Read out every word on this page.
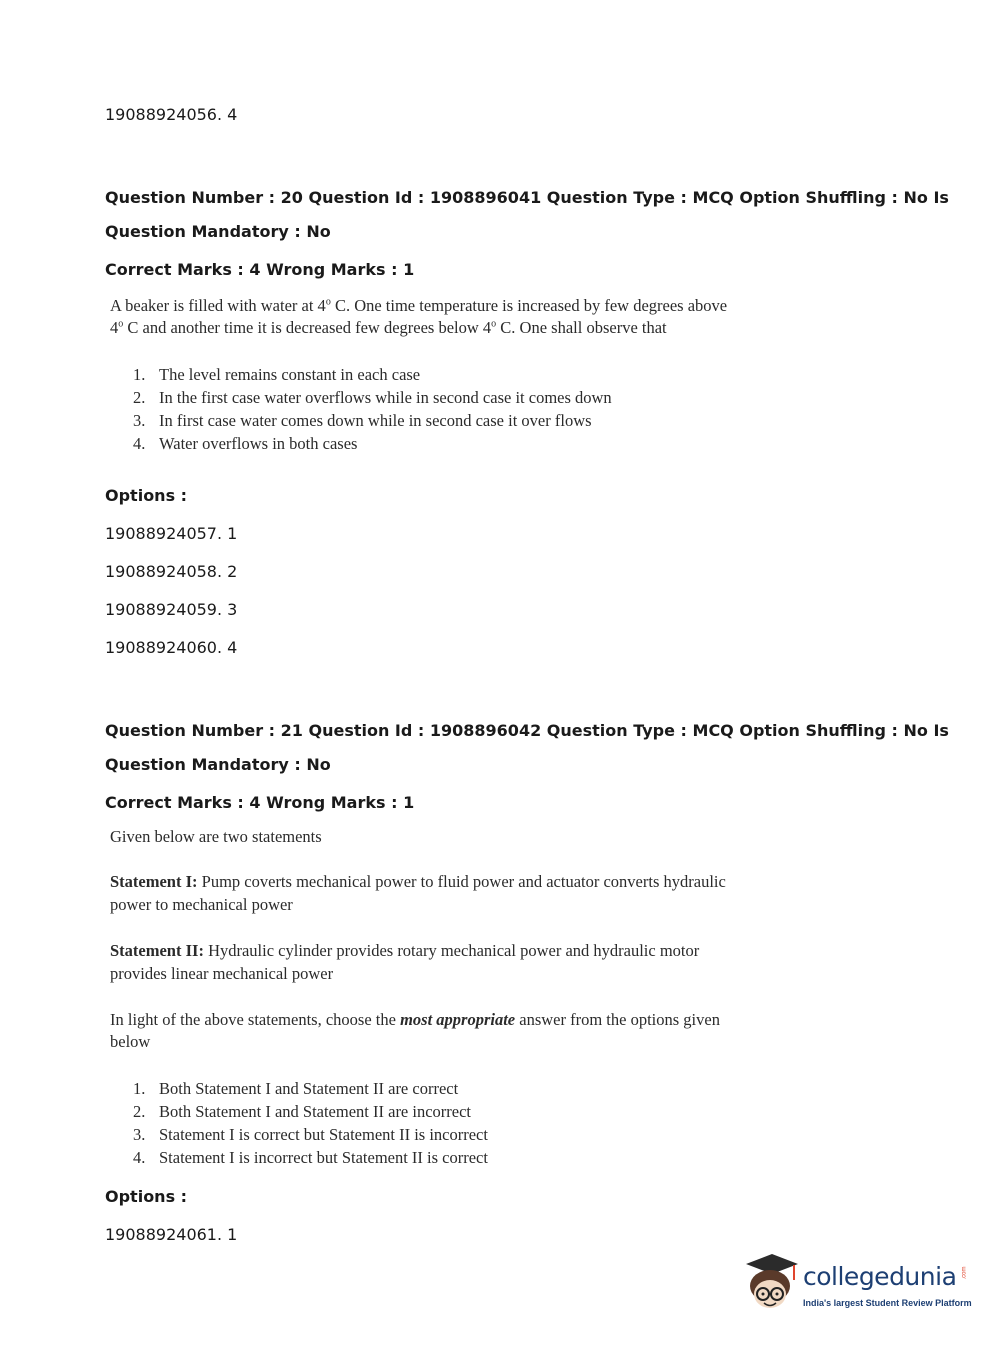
19088924056. 4
Question Number : 20 Question Id : 1908896041 Question Type : MCQ Option Shuffling : No Is
Question Mandatory : No
Correct Marks : 4 Wrong Marks : 1
A beaker is filled with water at 4$^o$ C. One time temperature is increased by few degrees above
4$^o$ C and another time it is decreased few degrees below 4$^o$ C. One shall observe that
1. The level remains constant in each case
2. In the first case water overflows while in second case it comes down
3. In first case water comes down while in second case it over flows
4. Water overflows in both cases
Options :
19088924057. 1
19088924058. 2
19088924059. 3
19088924060. 4
Question Number : 21 Question Id : 1908896042 Question Type : MCQ Option Shuffling : No Is
Question Mandatory : No
Correct Marks : 4 Wrong Marks : 1
Given below are two statements
Statement I: Pump coverts mechanical power to fluid power and actuator converts hydraulic
power to mechanical power
Statement II: Hydraulic cylinder provides rotary mechanical power and hydraulic motor
provides linear mechanical power
In light of the above statements, choose the most appropriate answer from the options given
below
1. Both Statement I and Statement II are correct
2. Both Statement I and Statement II are incorrect
3. Statement I is correct but Statement II is incorrect
4. Statement I is incorrect but Statement II is correct
Options :
19088924061. 1
collegedunia .com
India's largest Student Review Platform
